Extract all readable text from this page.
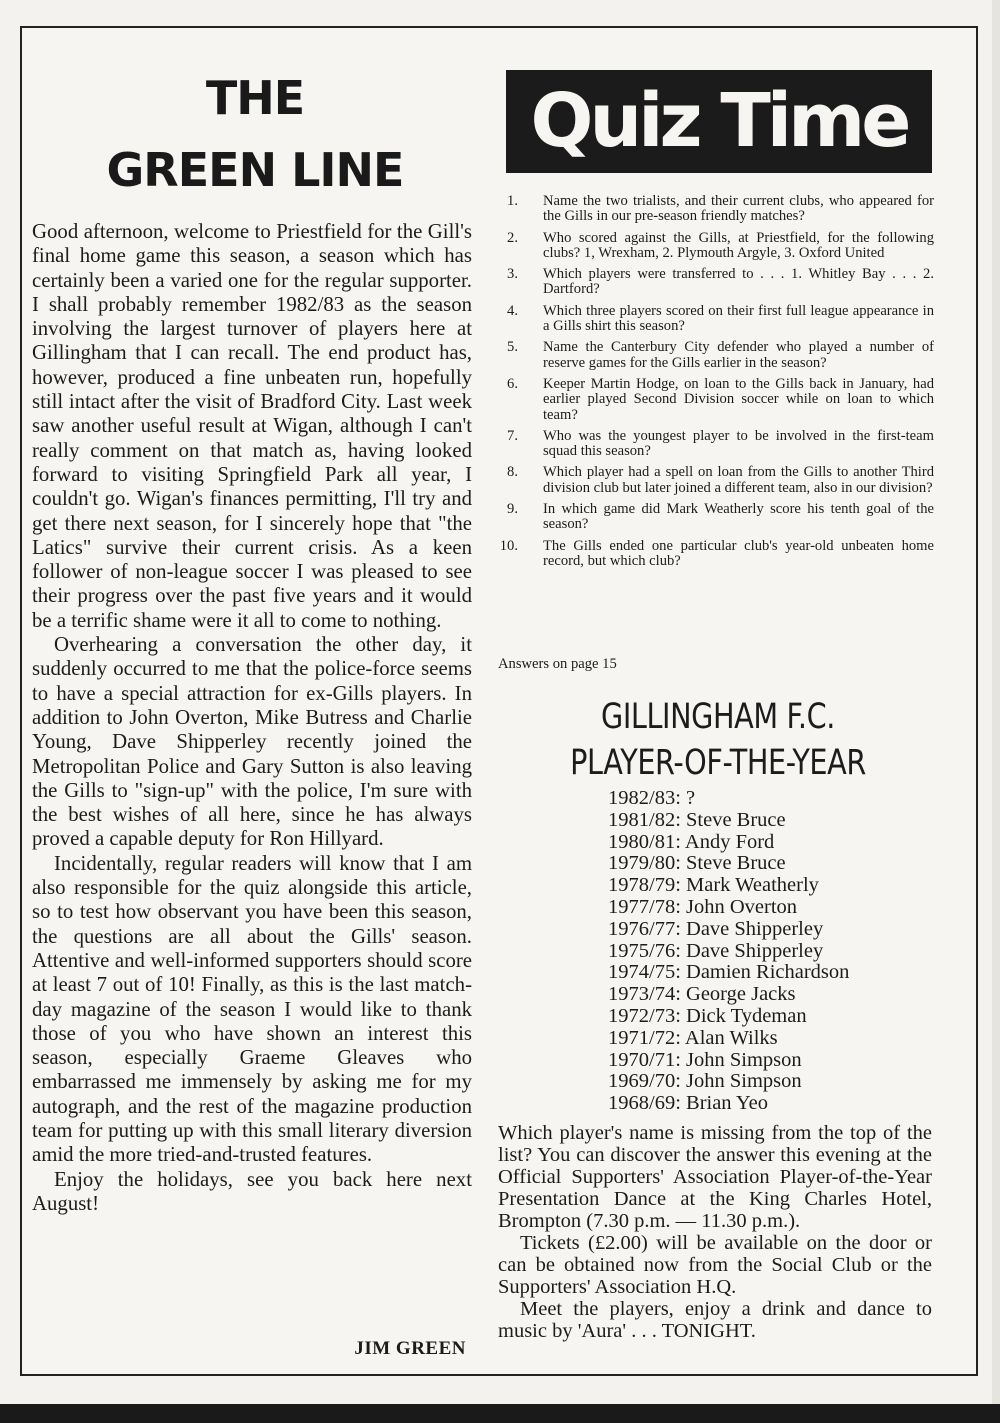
THE
GREEN LINE

Good afternoon, welcome to Priestfield for the Gill's final home game this season, a season which has certainly been a varied one for the regular supporter. I shall probably remember 1982/83 as the season involving the largest turnover of players here at Gillingham that I can recall. The end product has, however, produced a fine unbeaten run, hopefully still intact after the visit of Bradford City. Last week saw another useful result at Wigan, although I can't really comment on that match as, having looked forward to visiting Springfield Park all year, I couldn't go. Wigan's finances permitting, I'll try and get there next season, for I sincerely hope that "the Latics" survive their current crisis. As a keen follower of non-league soccer I was pleased to see their progress over the past five years and it would be a terrific shame were it all to come to nothing.

Overhearing a conversation the other day, it suddenly occurred to me that the police-force seems to have a special attraction for ex-Gills players. In addition to John Overton, Mike Butress and Charlie Young, Dave Shipperley recently joined the Metropolitan Police and Gary Sutton is also leaving the Gills to "sign-up" with the police, I'm sure with the best wishes of all here, since he has always proved a capable deputy for Ron Hillyard.

Incidentally, regular readers will know that I am also responsible for the quiz alongside this article, so to test how observant you have been this season, the questions are all about the Gills' season. Attentive and well-informed supporters should score at least 7 out of 10! Finally, as this is the last match-day magazine of the season I would like to thank those of you who have shown an interest this season, especially Graeme Gleaves who embarrassed me immensely by asking me for my autograph, and the rest of the magazine production team for putting up with this small literary diversion amid the more tried-and-trusted features.

Enjoy the holidays, see you back here next August!

JIM GREEN
Quiz Time
1. Name the two trialists, and their current clubs, who appeared for the Gills in our pre-season friendly matches?
2. Who scored against the Gills, at Priestfield, for the following clubs? 1, Wrexham, 2. Plymouth Argyle, 3. Oxford United
3. Which players were transferred to . . . 1. Whitley Bay . . . 2. Dartford?
4. Which three players scored on their first full league appearance in a Gills shirt this season?
5. Name the Canterbury City defender who played a number of reserve games for the Gills earlier in the season?
6. Keeper Martin Hodge, on loan to the Gills back in January, had earlier played Second Division soccer while on loan to which team?
7. Who was the youngest player to be involved in the first-team squad this season?
8. Which player had a spell on loan from the Gills to another Third division club but later joined a different team, also in our division?
9. In which game did Mark Weatherly score his tenth goal of the season?
10. The Gills ended one particular club's year-old unbeaten home record, but which club?
Answers on page 15
GILLINGHAM F.C.
PLAYER-OF-THE-YEAR
1982/83: ?
1981/82: Steve Bruce
1980/81: Andy Ford
1979/80: Steve Bruce
1978/79: Mark Weatherly
1977/78: John Overton
1976/77: Dave Shipperley
1975/76: Dave Shipperley
1974/75: Damien Richardson
1973/74: George Jacks
1972/73: Dick Tydeman
1971/72: Alan Wilks
1970/71: John Simpson
1969/70: John Simpson
1968/69: Brian Yeo

Which player's name is missing from the top of the list? You can discover the answer this evening at the Official Supporters' Association Player-of-the-Year Presentation Dance at the King Charles Hotel, Brompton (7.30 p.m. — 11.30 p.m.).

Tickets (£2.00) will be available on the door or can be obtained now from the Social Club or the Supporters' Association H.Q.

Meet the players, enjoy a drink and dance to music by 'Aura' . . . TONIGHT.
